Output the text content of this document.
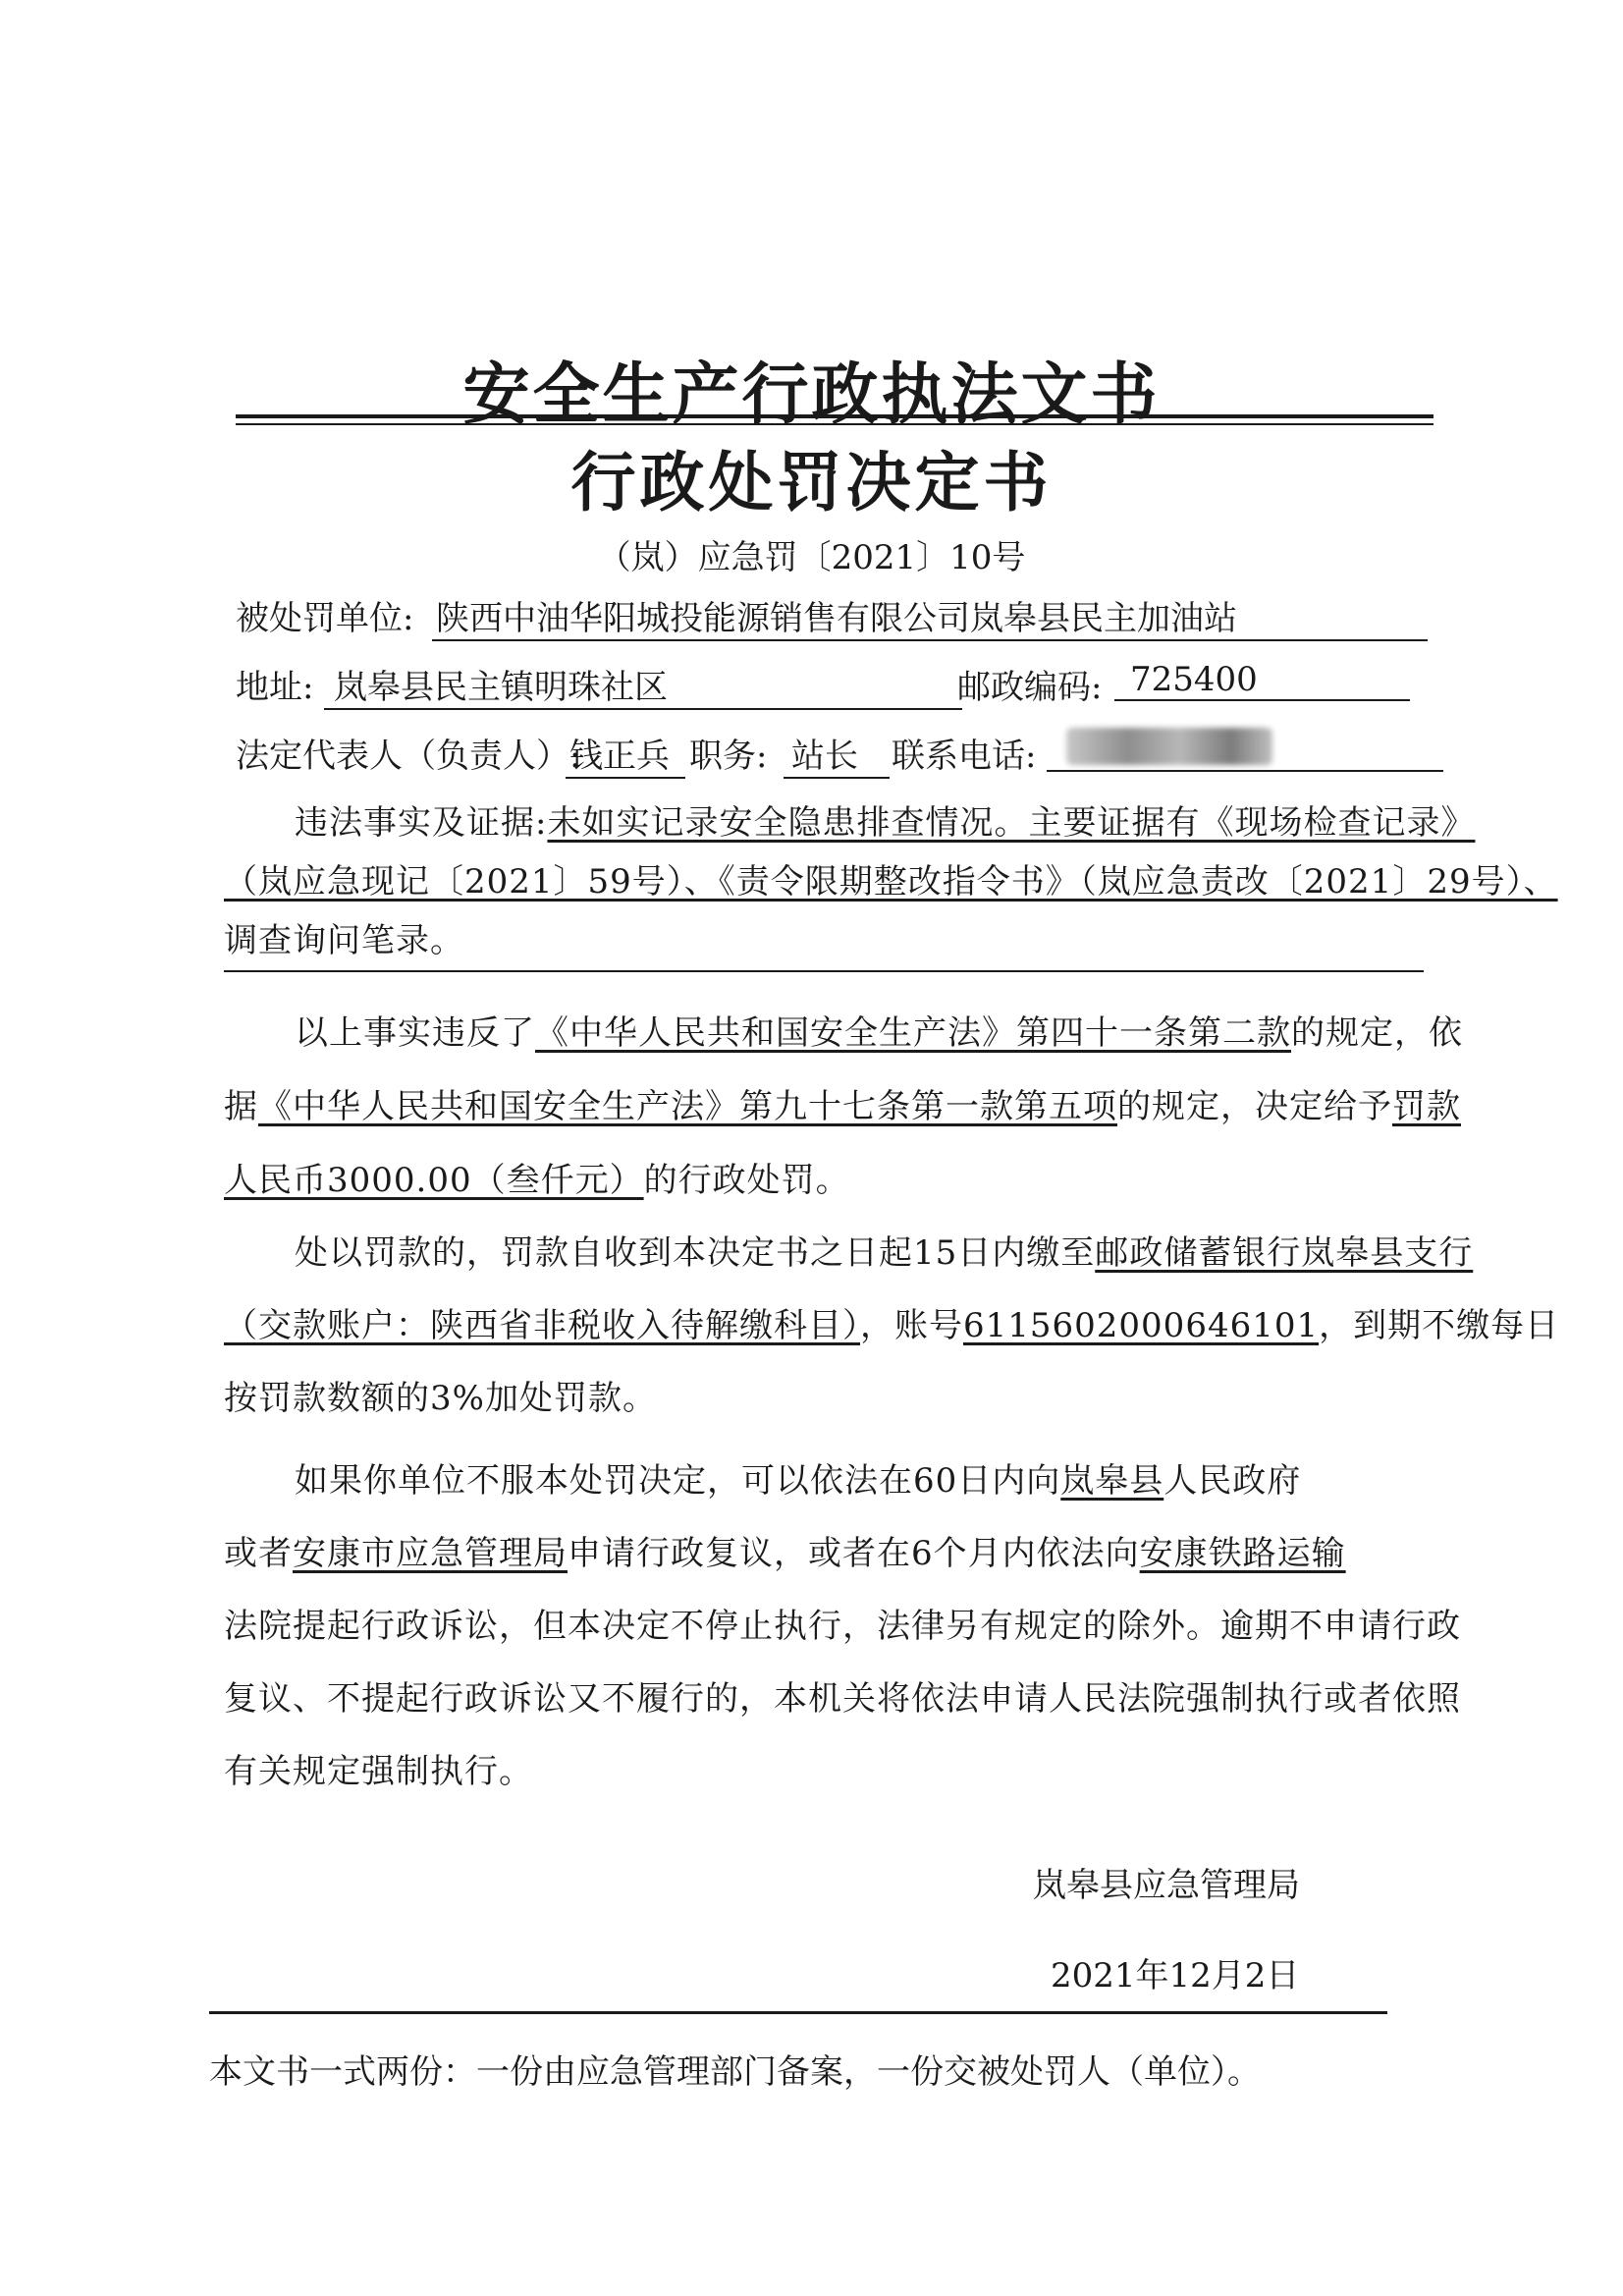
安全生产行政执法文书
行政处罚决定书
（岚）应急罚〔2021〕10号
被处罚单位: 陕西中油华阳城投能源销售有限公司岚皋县民主加油站
地址: 岚皋县民主镇明珠社区	邮政编码: 725400
法定代表人（负责人）:
钱正兵 职务: 站长	联系电话:
违法事实及证据:未如实记录安全隐患排查情况。主要证据有《现场检查记录》
（岚应急现记〔2021〕59号）、《责令限期整改指令书》（岚应急责改〔2021〕29号）、
调查询问笔录。
以上事实违反了《中华人民共和国安全生产法》第四十一条第二款的规定，依
据《中华人民共和国安全生产法》第九十七条第一款第五项的规定，决定给予罚款
人民币3000.00（叁仟元）的行政处罚。
处以罚款的，罚款自收到本决定书之日起15日内缴至邮政储蓄银行岚皋县支行
（交款账户：陕西省非税收入待解缴科目），账号6115602000646101，到期不缴每日
按罚款数额的3%加处罚款。
如果你单位不服本处罚决定，可以依法在60日内向岚皋县人民政府
或者安康市应急管理局申请行政复议，或者在6个月内依法向安康铁路运输
法院提起行政诉讼，但本决定不停止执行，法律另有规定的除外。逾期不申请行政
复议、不提起行政诉讼又不履行的，本机关将依法申请人民法院强制执行或者依照
有关规定强制执行。
岚皋县应急管理局
2021年12月2日
本文书一式两份：一份由应急管理部门备案，一份交被处罚人（单位）。
